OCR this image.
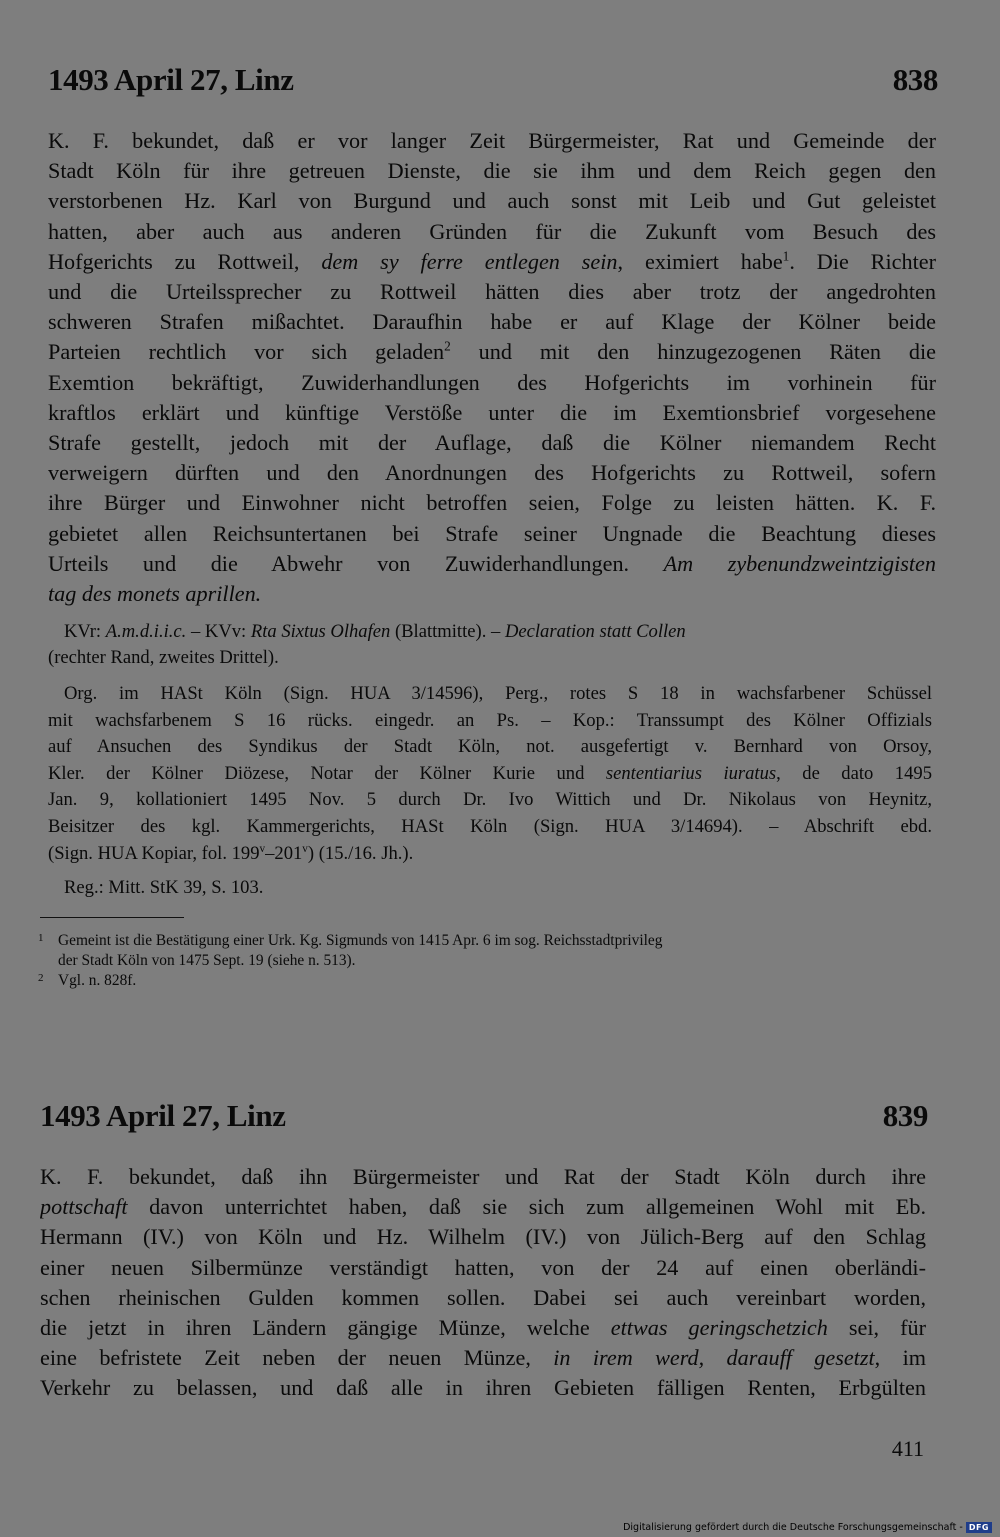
1493 April 27, Linz	838
K. F. bekundet, daß er vor langer Zeit Bürgermeister, Rat und Gemeinde der
Stadt Köln für ihre getreuen Dienste, die sie ihm und dem Reich gegen den
verstorbenen Hz. Karl von Burgund und auch sonst mit Leib und Gut geleistet
hatten, aber auch aus anderen Gründen für die Zukunft vom Besuch des
Hofgerichts zu Rottweil, dem sy ferre entlegen sein, eximiert habe$^1$. Die Richter
und die Urteilssprecher zu Rottweil hätten dies aber trotz der angedrohten
schweren Strafen mißachtet. Daraufhin habe er auf Klage der Kölner beide
Parteien rechtlich vor sich geladen$^2$ und mit den hinzugezogenen Räten die
Exemtion bekräftigt, Zuwiderhandlungen des Hofgerichts im vorhinein für
kraftlos erklärt und künftige Verstöße unter die im Exemtionsbrief vorgesehene
Strafe gestellt, jedoch mit der Auflage, daß die Kölner niemandem Recht
verweigern dürften und den Anordnungen des Hofgerichts zu Rottweil, sofern
ihre Bürger und Einwohner nicht betroffen seien, Folge zu leisten hätten. K. F.
gebietet allen Reichsuntertanen bei Strafe seiner Ungnade die Beachtung dieses
Urteils und die Abwehr von Zuwiderhandlungen. Am zybenundzweintzigisten
tag des monets aprillen.
KVr: A.m.d.i.i.c. – KVv: Rta Sixtus Olhafen (Blattmitte). – Declaration statt Collen
(rechter Rand, zweites Drittel).
Org. im HASt Köln (Sign. HUA 3/14596), Perg., rotes S 18 in wachsfarbener Schüssel
mit wachsfarbenem S 16 rücks. eingedr. an Ps. – Kop.: Transsumpt des Kölner Offizials
auf Ansuchen des Syndikus der Stadt Köln, not. ausgefertigt v. Bernhard von Orsoy,
Kler. der Kölner Diözese, Notar der Kölner Kurie und sententiarius iuratus, de dato 1495
Jan. 9, kollationiert 1495 Nov. 5 durch Dr. Ivo Wittich und Dr. Nikolaus von Heynitz,
Beisitzer des kgl. Kammergerichts, HASt Köln (Sign. HUA 3/14694). – Abschrift ebd.
(Sign. HUA Kopiar, fol. 199$^v$–201$^v$) (15./16. Jh.).
Reg.: Mitt. StK 39, S. 103.
1 Gemeint ist die Bestätigung einer Urk. Kg. Sigmunds von 1415 Apr. 6 im sog. Reichsstadtprivileg
der Stadt Köln von 1475 Sept. 19 (siehe n. 513).
2 Vgl. n. 828f.
1493 April 27, Linz	839
K. F. bekundet, daß ihn Bürgermeister und Rat der Stadt Köln durch ihre
pottschaft davon unterrichtet haben, daß sie sich zum allgemeinen Wohl mit Eb.
Hermann (IV.) von Köln und Hz. Wilhelm (IV.) von Jülich-Berg auf den Schlag
einer neuen Silbermünze verständigt hatten, von der 24 auf einen oberländi-
schen rheinischen Gulden kommen sollen. Dabei sei auch vereinbart worden,
die jetzt in ihren Ländern gängige Münze, welche ettwas geringschetzich sei, für
eine befristete Zeit neben der neuen Münze, in irem werd, darauff gesetzt, im
Verkehr zu belassen, und daß alle in ihren Gebieten fälligen Renten, Erbgülten
411
Digitalisierung gefördert durch die Deutsche Forschungsgemeinschaft - DFG
